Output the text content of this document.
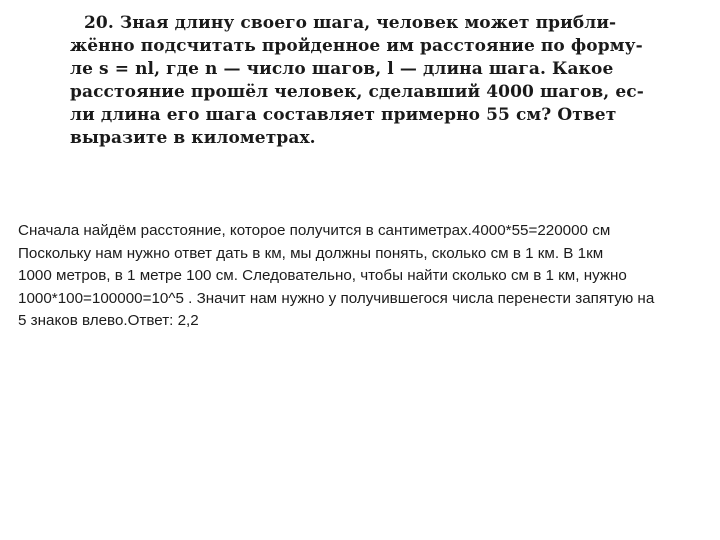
20. Зная длину своего шага, человек может прибли-
жённо подсчитать пройденное им расстояние по форму-
ле s = nl, где n — число шагов, l — длина шага. Какое
расстояние прошёл человек, сделавший 4000 шагов, ес-
ли длина его шага составляет примерно 55 см? Ответ
выразите в километрах.
Сначала найдём расстояние, которое получится в сантиметрах.4000*55=220000 см
Поскольку нам нужно ответ дать в км, мы должны понять, сколько см в 1 км. В 1км
1000 метров, в 1 метре 100 см. Следовательно, чтобы найти сколько см в 1 км, нужно
1000*100=100000=10^5 . Значит нам нужно у получившегося числа перенести запятую на
5 знаков влево.Ответ: 2,2
